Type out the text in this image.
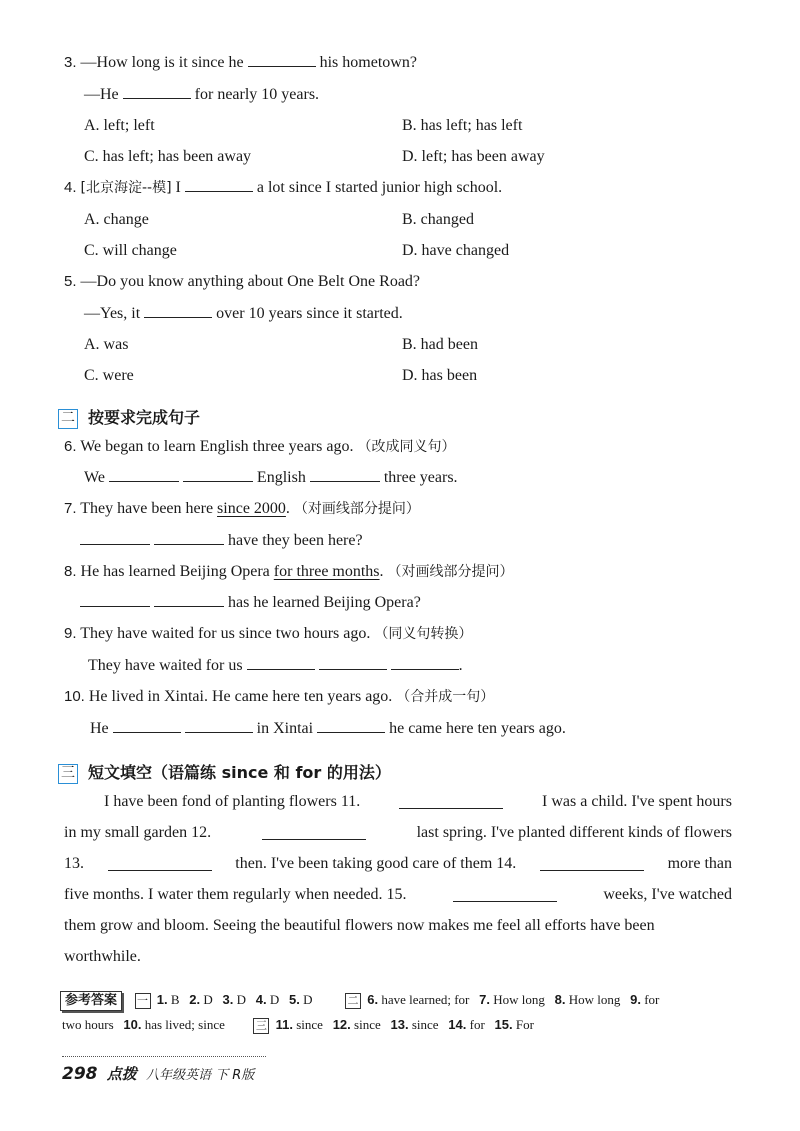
3. —How long is it since he	his hometown?
—He	for nearly 10 years.
A. left; left	B. has left; has left
C. has left; has been away	D. left; has been away
4. [北京海淀--模] I	a lot since I started junior high school.
A. change	B. changed
C. will change	D. have changed
5. —Do you know anything about One Belt One Road?
—Yes, it	over 10 years since it started.
A. was	B. had been
C. were	D. has been
二 按要求完成句子
6. We began to learn English three years ago. （改成同义句）
We	English	three years.
7. They have been here since 2000. （对画线部分提问）
have they been here?
8. He has learned Beijing Opera for three months. （对画线部分提问）
has he learned Beijing Opera?
9. They have waited for us since two hours ago. （同义句转换）
They have waited for us	.
10. He lived in Xintai. He came here ten years ago. （合并成一句）
He	in Xintai	he came here ten years ago.
三 短文填空（语篇练 since 和 for 的用法）
I have been fond of planting flowers 11.	I was a child. I've spent hours
in my small garden 12.	last spring. I've planted different kinds of flowers
13.	then. I've been taking good care of them 14.	more than
five months. I water them regularly when needed. 15.	weeks, I've watched
them grow and bloom. Seeing the beautiful flowers now makes me feel all efforts have been
worthwhile.
参考答案 一 1. B 2. D 3. D 4. D 5. D	二 6. have learned; for 7. How long 8. How long 9. for
two hours 10. has lived; since	三 11. since 12. since 13. since 14. for 15. For
298 点拨 八年级英语 下 R版
